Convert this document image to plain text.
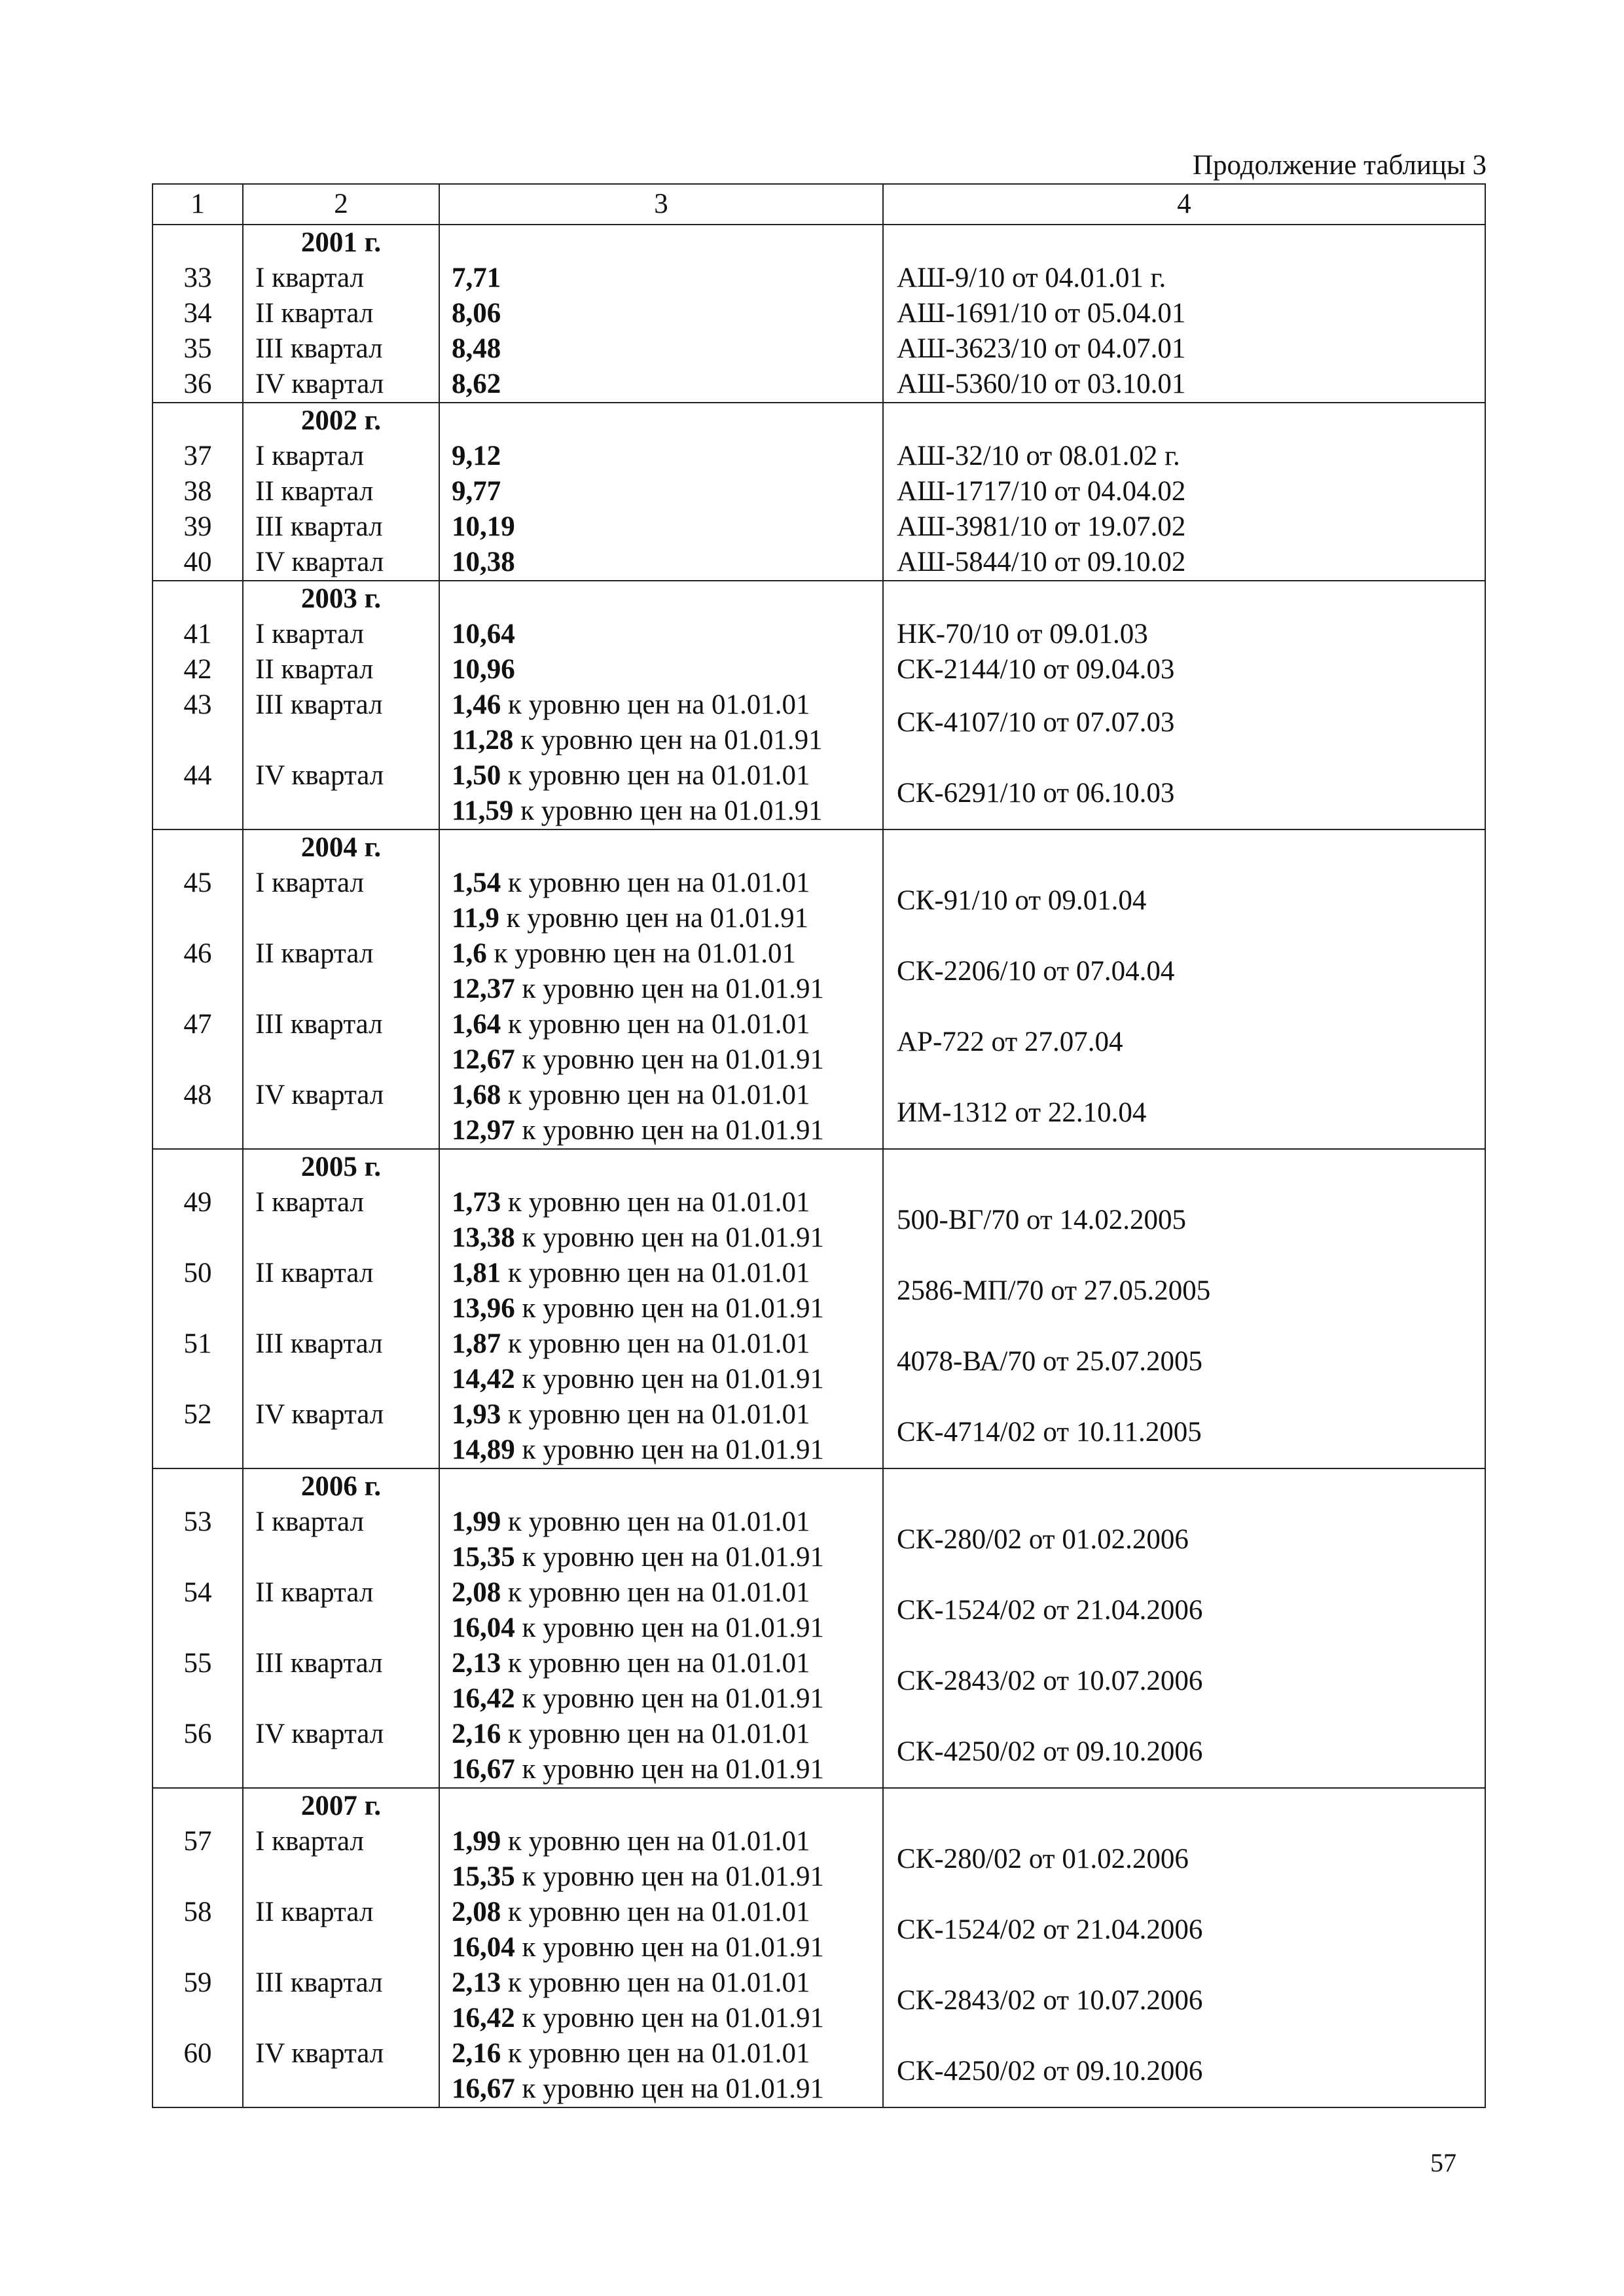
Продолжение таблицы 3
1	2	3	4
	2001 г.		
33	I квартал	7,71	АШ-9/10 от 04.01.01 г.
34	II квартал	8,06	АШ-1691/10 от 05.04.01
35	III квартал	8,48	АШ-3623/10 от 04.07.01
36	IV квартал	8,62	АШ-5360/10 от 03.10.01
	2002 г.		
37	I квартал	9,12	АШ-32/10 от 08.01.02 г.
38	II квартал	9,77	АШ-1717/10 от 04.04.02
39	III квартал	10,19	АШ-3981/10 от 19.07.02
40	IV квартал	10,38	АШ-5844/10 от 09.10.02
	2003 г.		
41	I квартал	10,64	НК-70/10 от 09.01.03
42	II квартал	10,96	СК-2144/10 от 09.04.03
43	III квартал	1,46 к уровню цен на 01.01.01
11,28 к уровню цен на 01.01.91	СК-4107/10 от 07.07.03
44	IV квартал	1,50 к уровню цен на 01.01.01
11,59 к уровню цен на 01.01.91	СК-6291/10 от 06.10.03
	2004 г.		
45	I квартал	1,54 к уровню цен на 01.01.01
11,9 к уровню цен на 01.01.91	СК-91/10 от 09.01.04
46	II квартал	1,6 к уровню цен на 01.01.01
12,37 к уровню цен на 01.01.91	СК-2206/10 от 07.04.04
47	III квартал	1,64 к уровню цен на 01.01.01
12,67 к уровню цен на 01.01.91	АР-722 от 27.07.04
48	IV квартал	1,68 к уровню цен на 01.01.01
12,97 к уровню цен на 01.01.91	ИМ-1312 от 22.10.04
	2005 г.		
49	I квартал	1,73 к уровню цен на 01.01.01
13,38 к уровню цен на 01.01.91	500-ВГ/70 от 14.02.2005
50	II квартал	1,81 к уровню цен на 01.01.01
13,96 к уровню цен на 01.01.91	2586-МП/70 от 27.05.2005
51	III квартал	1,87 к уровню цен на 01.01.01
14,42 к уровню цен на 01.01.91	4078-ВА/70 от 25.07.2005
52	IV квартал	1,93 к уровню цен на 01.01.01
14,89 к уровню цен на 01.01.91	СК-4714/02 от 10.11.2005
	2006 г.		
53	I квартал	1,99 к уровню цен на 01.01.01
15,35 к уровню цен на 01.01.91	СК-280/02 от 01.02.2006
54	II квартал	2,08 к уровню цен на 01.01.01
16,04 к уровню цен на 01.01.91	СК-1524/02 от 21.04.2006
55	III квартал	2,13 к уровню цен на 01.01.01
16,42 к уровню цен на 01.01.91	СК-2843/02 от 10.07.2006
56	IV квартал	2,16 к уровню цен на 01.01.01
16,67 к уровню цен на 01.01.91	СК-4250/02 от 09.10.2006
	2007 г.		
57	I квартал	1,99 к уровню цен на 01.01.01
15,35 к уровню цен на 01.01.91	СК-280/02 от 01.02.2006
58	II квартал	2,08 к уровню цен на 01.01.01
16,04 к уровню цен на 01.01.91	СК-1524/02 от 21.04.2006
59	III квартал	2,13 к уровню цен на 01.01.01
16,42 к уровню цен на 01.01.91	СК-2843/02 от 10.07.2006
60	IV квартал	2,16 к уровню цен на 01.01.01
16,67 к уровню цен на 01.01.91	СК-4250/02 от 09.10.2006
57
